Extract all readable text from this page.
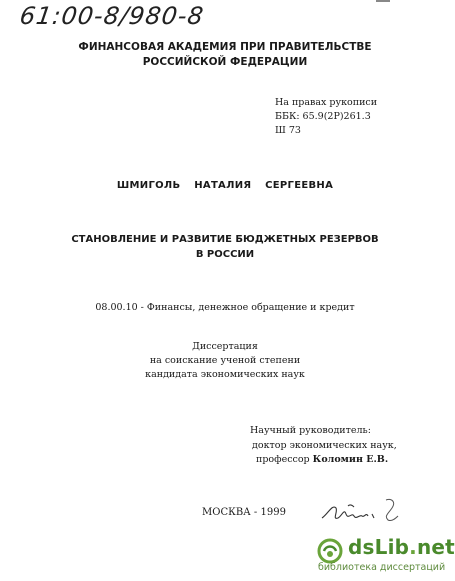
61:00-8/980-8
ФИНАНСОВАЯ АКАДЕМИЯ ПРИ ПРАВИТЕЛЬСТВЕ
РОССИЙСКОЙ ФЕДЕРАЦИИ
На правах рукописи
ББК: 65.9(2Р)261.3
Ш 73
ШМИГОЛЬ НАТАЛИЯ СЕРГЕЕВНА
СТАНОВЛЕНИЕ И РАЗВИТИЕ БЮДЖЕТНЫХ РЕЗЕРВОВ
В РОССИИ
08.00.10 - Финансы, денежное обращение и кредит
Диссертация
на соискание ученой степени
кандидата экономических наук
Научный руководитель:
доктор экономических наук,
профессор Коломин Е.В.
МОСКВА - 1999
dsLib.net
библиотека диссертаций
